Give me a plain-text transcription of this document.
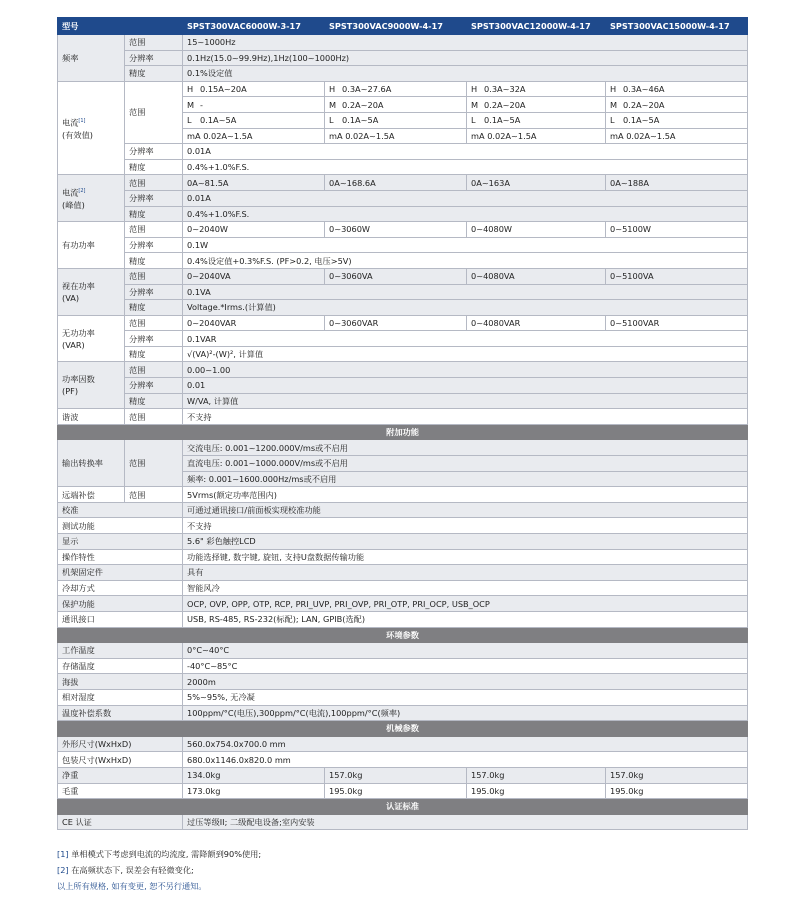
型号		SPST300VAC6000W-3-17	SPST300VAC9000W-4-17	SPST300VAC12000W-4-17	SPST300VAC15000W-4-17
频率	范围	15~1000Hz			
	分辨率	0.1Hz(15.0~99.9Hz),1Hz(100~1000Hz)			
	精度	0.1%设定值			
电流[1]
(有效值)	范围	H 0.15A~20A	H 0.3A~27.6A	H 0.3A~32A	H 0.3A~46A
		M -	M 0.2A~20A	M 0.2A~20A	M 0.2A~20A
		L 0.1A~5A	L 0.1A~5A	L 0.1A~5A	L 0.1A~5A
		mA 0.02A~1.5A	mA 0.02A~1.5A	mA 0.02A~1.5A	mA 0.02A~1.5A
	分辨率	0.01A			
	精度	0.4%+1.0%F.S.			
电流[2]
(峰值)	范围	0A~81.5A	0A~168.6A	0A~163A	0A~188A
	分辨率	0.01A			
	精度	0.4%+1.0%F.S.			
有功功率	范围	0~2040W	0~3060W	0~4080W	0~5100W
	分辨率	0.1W			
	精度	0.4%设定值+0.3%F.S. (PF>0.2, 电压>5V)			
视在功率
(VA)	范围	0~2040VA	0~3060VA	0~4080VA	0~5100VA
	分辨率	0.1VA			
	精度	Voltage.*Irms.(计算值)			
无功功率
(VAR)	范围	0~2040VAR	0~3060VAR	0~4080VAR	0~5100VAR
	分辨率	0.1VAR			
	精度	√(VA)²-(W)², 计算值			
功率因数
(PF)	范围	0.00~1.00			
	分辨率	0.01			
	精度	W/VA, 计算值			
谐波	范围	不支持			
附加功能					
输出转换率	范围	交流电压: 0.001~1200.000V/ms或不启用			
		直流电压: 0.001~1000.000V/ms或不启用			
		频率: 0.001~1600.000Hz/ms或不启用			
远端补偿	范围	5Vrms(额定功率范围内)			
校准		可通过通讯接口/前面板实现校准功能			
测试功能		不支持			
显示		5.6" 彩色触控LCD			
操作特性		功能选择键, 数字键, 旋钮, 支持U盘数据传输功能			
机架固定件		具有			
冷却方式		智能风冷			
保护功能		OCP, OVP, OPP, OTP, RCP, PRI_UVP, PRI_OVP, PRI_OTP, PRI_OCP, USB_OCP			
通讯接口		USB, RS-485, RS-232(标配); LAN, GPIB(选配)			
环境参数					
工作温度		0°C~40°C			
存储温度		-40°C~85°C			
海拔		2000m			
相对湿度		5%~95%, 无冷凝			
温度补偿系数		100ppm/°C(电压),300ppm/°C(电流),100ppm/°C(频率)			
机械参数					
外形尺寸(WxHxD)		560.0x754.0x700.0 mm			
包装尺寸(WxHxD)		680.0x1146.0x820.0 mm			
净重		134.0kg	157.0kg	157.0kg	157.0kg
毛重		173.0kg	195.0kg	195.0kg	195.0kg
认证标准					
CE 认证		过压等级II; 二级配电设备;室内安装			
[1] 单相模式下考虑到电流的均流度, 需降额到90%使用;
[2] 在高频状态下, 误差会有轻微变化;
以上所有规格, 如有变更, 恕不另行通知。
